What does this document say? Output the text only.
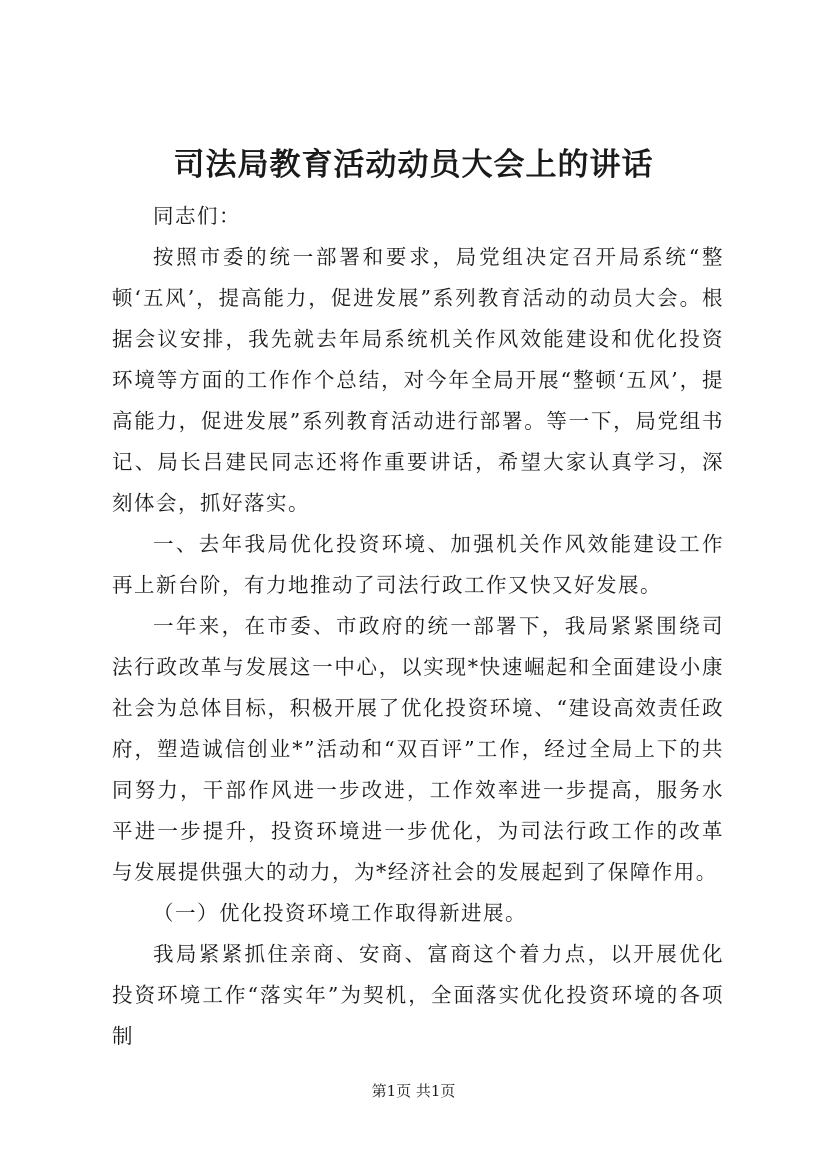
司法局教育活动动员大会上的讲话

同志们：

按照市委的统一部署和要求，局党组决定召开局系统“整顿‘五风’，提高能力，促进发展”系列教育活动的动员大会。根据会议安排，我先就去年局系统机关作风效能建设和优化投资环境等方面的工作作个总结，对今年全局开展“整顿‘五风’，提高能力，促进发展”系列教育活动进行部署。等一下，局党组书记、局长吕建民同志还将作重要讲话，希望大家认真学习，深刻体会，抓好落实。

一、去年我局优化投资环境、加强机关作风效能建设工作再上新台阶，有力地推动了司法行政工作又快又好发展。

一年来，在市委、市政府的统一部署下，我局紧紧围绕司法行政改革与发展这一中心，以实现*快速崛起和全面建设小康社会为总体目标，积极开展了优化投资环境、“建设高效责任政府，塑造诚信创业*”活动和“双百评”工作，经过全局上下的共同努力，干部作风进一步改进，工作效率进一步提高，服务水平进一步提升，投资环境进一步优化，为司法行政工作的改革与发展提供强大的动力，为*经济社会的发展起到了保障作用。

（一）优化投资环境工作取得新进展。

我局紧紧抓住亲商、安商、富商这个着力点，以开展优化投资环境工作“落实年”为契机，全面落实优化投资环境的各项制

第1页 共1页
